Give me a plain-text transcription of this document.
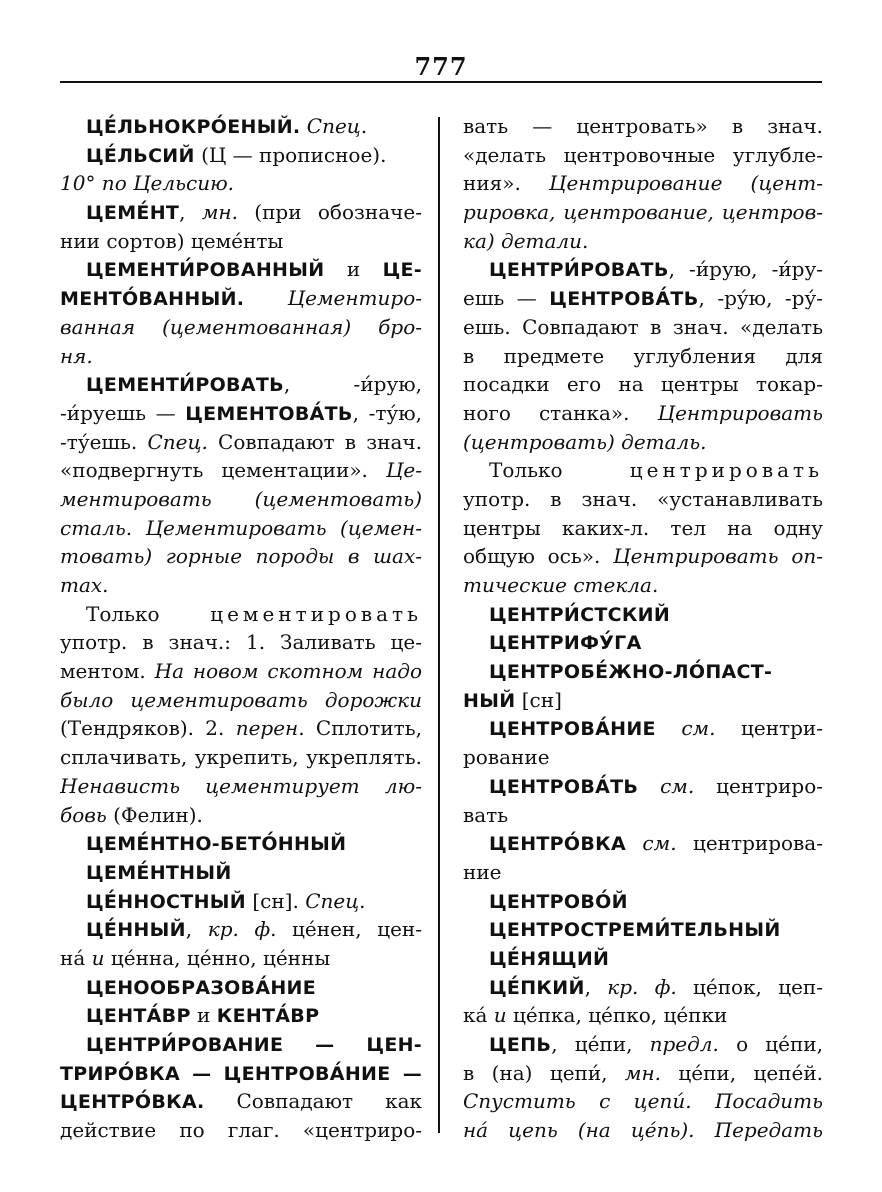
777
ЦЕ́ЛЬНОКРО́ЕНЫЙ. Спец.
ЦЕ́ЛЬСИЙ (Ц — прописное).
10° по Цельсию.
ЦЕМЕ́НТ, мн. (при обозначе-
нии сортов) цеме́нты
ЦЕМЕНТИ́РОВАННЫЙ и ЦЕ-
МЕНТО́ВАННЫЙ. Цементиро-
ванная (цементованная) бро-
ня.
ЦЕМЕНТИ́РОВАТЬ, -и́рую,
-и́руешь — ЦЕМЕНТОВА́ТЬ, -ту́ю,
-ту́ешь. Спец. Совпадают в знач.
«подвергнуть цементации». Це-
ментировать (цементовать)
сталь. Цементировать (цемен-
товать) горные породы в шах-
тах.
Только цементировать
употр. в знач.: 1. Заливать це-
ментом. На новом скотном надо
было цементировать дорожки
(Тендряков). 2. перен. Сплотить,
сплачивать, укрепить, укреплять.
Ненависть цементирует лю-
бовь (Фелин).
ЦЕМЕ́НТНО-БЕТО́ННЫЙ
ЦЕМЕ́НТНЫЙ
ЦЕ́ННОСТНЫЙ [сн]. Спец.
ЦЕ́ННЫЙ, кр. ф. це́нен, цен-
на́ и це́нна, це́нно, це́нны
ЦЕНООБРАЗОВА́НИЕ
ЦЕНТА́ВР и КЕНТА́ВР
ЦЕНТРИ́РОВАНИЕ — ЦЕН-
ТРИРО́ВКА — ЦЕНТРОВА́НИЕ —
ЦЕНТРО́ВКА. Совпадают как
действие по глаг. «центриро-
вать — центровать» в знач.
«делать центровочные углубле-
ния». Центрирование (цент-
рировка, центрование, центров-
ка) детали.
ЦЕНТРИ́РОВАТЬ, -и́рую, -и́ру-
ешь — ЦЕНТРОВА́ТЬ, -ру́ю, -ру́-
ешь. Совпадают в знач. «делать
в предмете углубления для
посадки его на центры токар-
ного станка». Центрировать
(центровать) деталь.
Только центрировать
употр. в знач. «устанавливать
центры каких-л. тел на одну
общую ось». Центрировать оп-
тические стекла.
ЦЕНТРИ́СТСКИЙ
ЦЕНТРИФУ́ГА
ЦЕНТРОБЕ́ЖНО-ЛО́ПАСТ-
НЫЙ [сн]
ЦЕНТРОВА́НИЕ см. центри-
рование
ЦЕНТРОВА́ТЬ см. центриро-
вать
ЦЕНТРО́ВКА см. центрирова-
ние
ЦЕНТРОВО́Й
ЦЕНТРОСТРЕМИ́ТЕЛЬНЫЙ
ЦЕ́НЯЩИЙ
ЦЕ́ПКИЙ, кр. ф. це́пок, цеп-
ка́ и це́пка, це́пко, це́пки
ЦЕПЬ, це́пи, предл. о це́пи,
в (на) цепи́, мн. це́пи, цепе́й.
Спустить с цепи́. Посадить
на́ цепь (на це́пь). Передать
